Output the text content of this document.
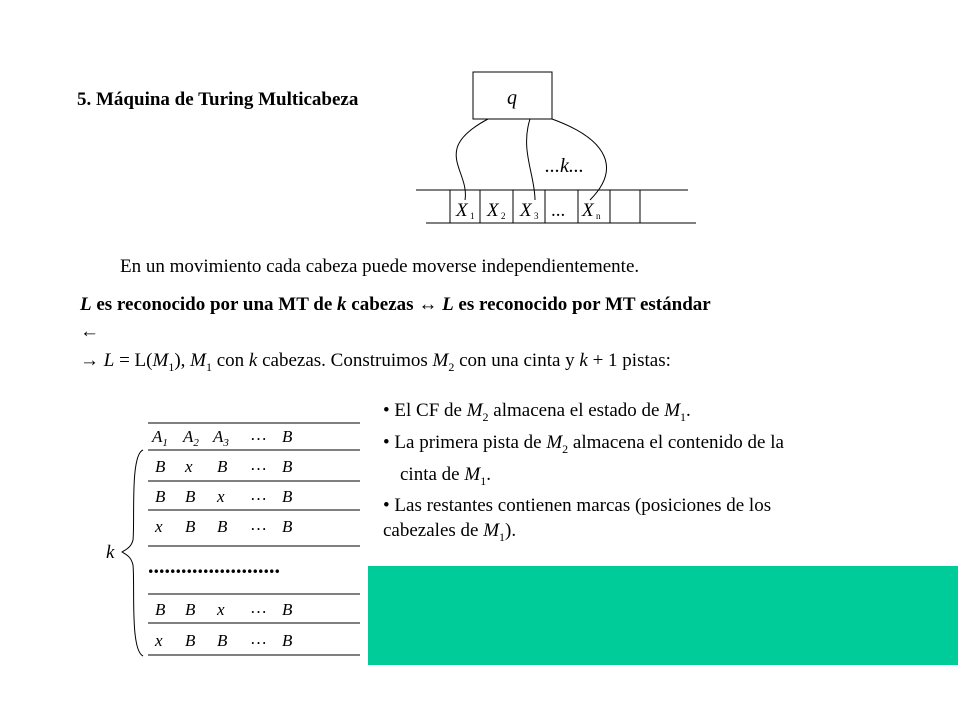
5. Máquina de Turing Multicabeza	q
...k...
X 1 X 2 X 3 ... X n
En un movimiento cada cabeza puede moverse independientemente.
L es reconocido por una MT de k cabezas ↔ L es reconocido por MT estándar
←
→ $L = L(M_1)$, $M_1$ con k cabezas. Construimos $M_2$ con una cinta y k + 1 pistas:
• El CF de $M_2$ almacena el estado de $M_1$.
• La primera pista de $M_2$ almacena el contenido de la
cinta de $M_1$.
• Las restantes contienen marcas (posiciones de los
cabezales de $M_1$).
$A_1$ $A_2$ $A_3$ … B
B x B … B
B B x … B
x B B … B
........................
B B x … B
x B B … B
k
